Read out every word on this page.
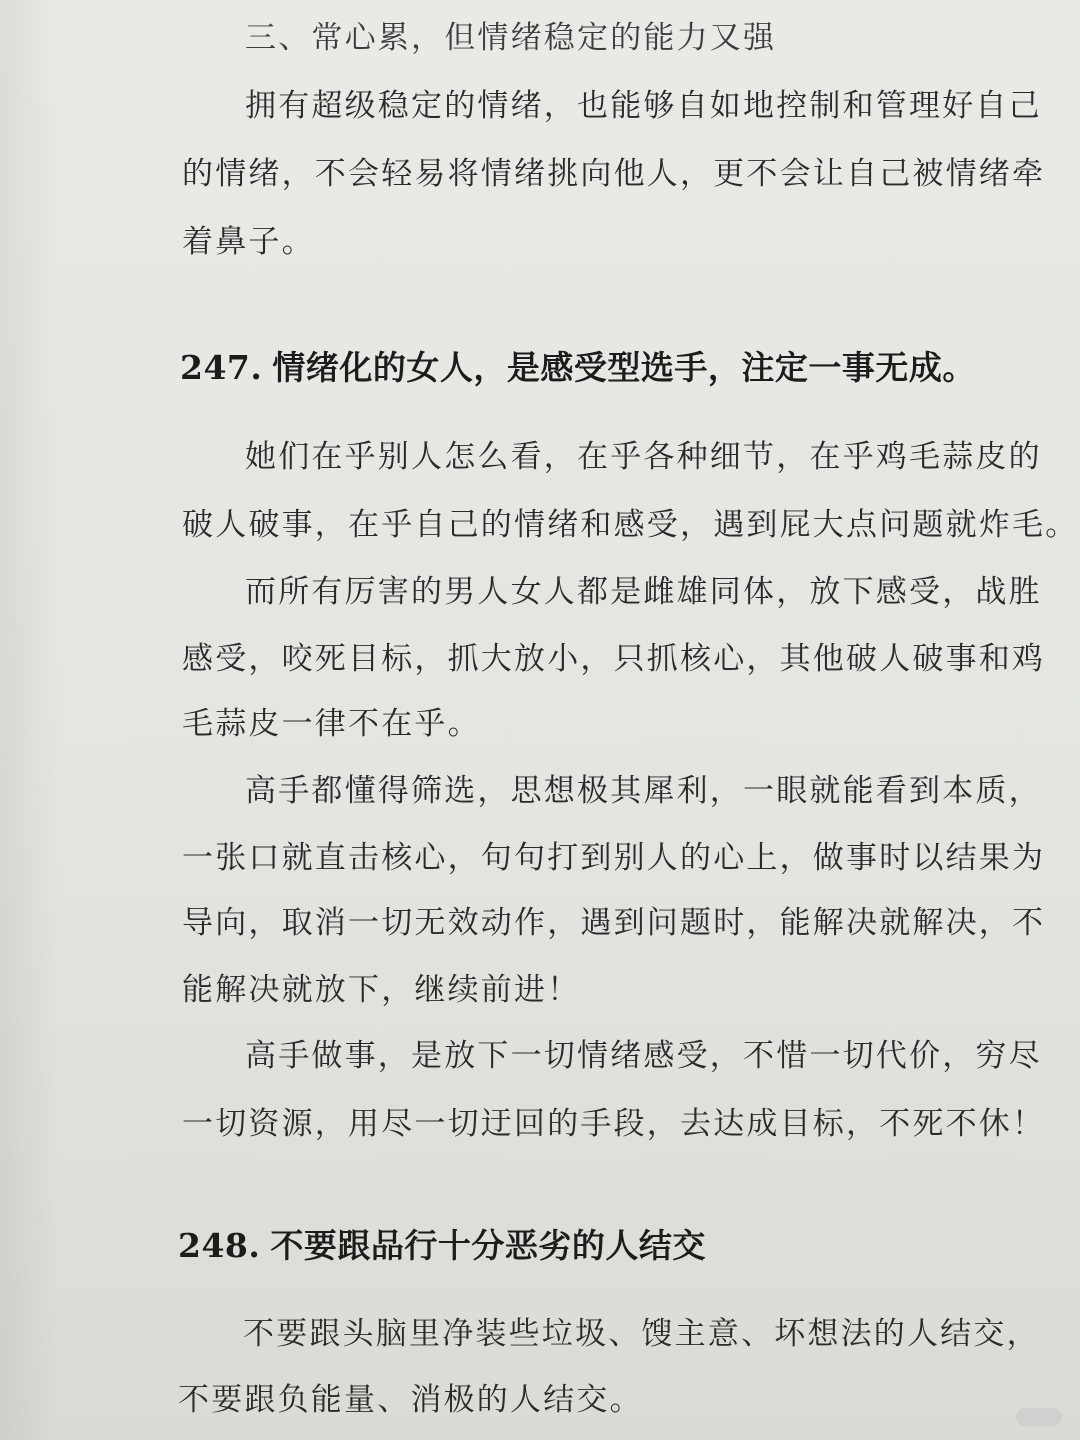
三、常心累，但情绪稳定的能力又强
拥有超级稳定的情绪，也能够自如地控制和管理好自己
的情绪，不会轻易将情绪挑向他人，更不会让自己被情绪牵
着鼻子。
247. 情绪化的女人，是感受型选手，注定一事无成。
她们在乎别人怎么看，在乎各种细节，在乎鸡毛蒜皮的
破人破事，在乎自己的情绪和感受，遇到屁大点问题就炸毛。
而所有厉害的男人女人都是雌雄同体，放下感受，战胜
感受，咬死目标，抓大放小，只抓核心，其他破人破事和鸡
毛蒜皮一律不在乎。
高手都懂得筛选，思想极其犀利，一眼就能看到本质，
一张口就直击核心，句句打到别人的心上，做事时以结果为
导向，取消一切无效动作，遇到问题时，能解决就解决，不
能解决就放下，继续前进！
高手做事，是放下一切情绪感受，不惜一切代价，穷尽
一切资源，用尽一切迂回的手段，去达成目标，不死不休！
248. 不要跟品行十分恶劣的人结交
不要跟头脑里净装些垃圾、馊主意、坏想法的人结交，
不要跟负能量、消极的人结交。
